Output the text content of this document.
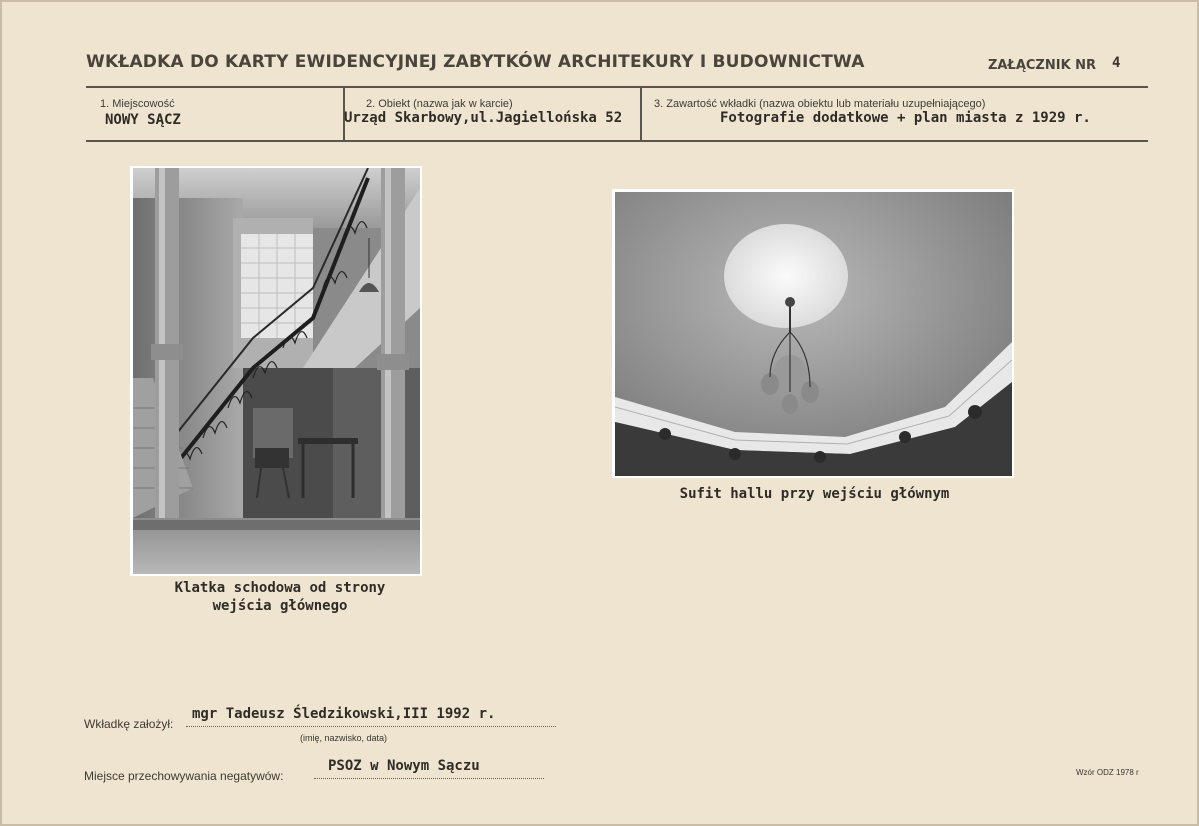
WKŁADKA DO KARTY EWIDENCYJNEJ ZABYTKÓW ARCHITEKURY I BUDOWNICTWA	ZAŁĄCZNIK NR 4
1. Miejscowość
NOWY SĄCZ
2. Obiekt (nazwa jak w karcie)
Urząd Skarbowy,ul.Jagiellońska 52
3. Zawartość wkładki (nazwa obiektu lub materiału uzupełniającego)
Fotografie dodatkowe + plan miasta z 1929 r.
Klatka schodowa od strony
wejścia głównego
Sufit hallu przy wejściu głównym
Wkładkę założył:
mgr Tadeusz Śledzikowski,III 1992 r.
(imię, nazwisko, data)
Miejsce przechowywania negatywów:
PSOZ w Nowym Sączu	Wzór ODZ 1978 r
